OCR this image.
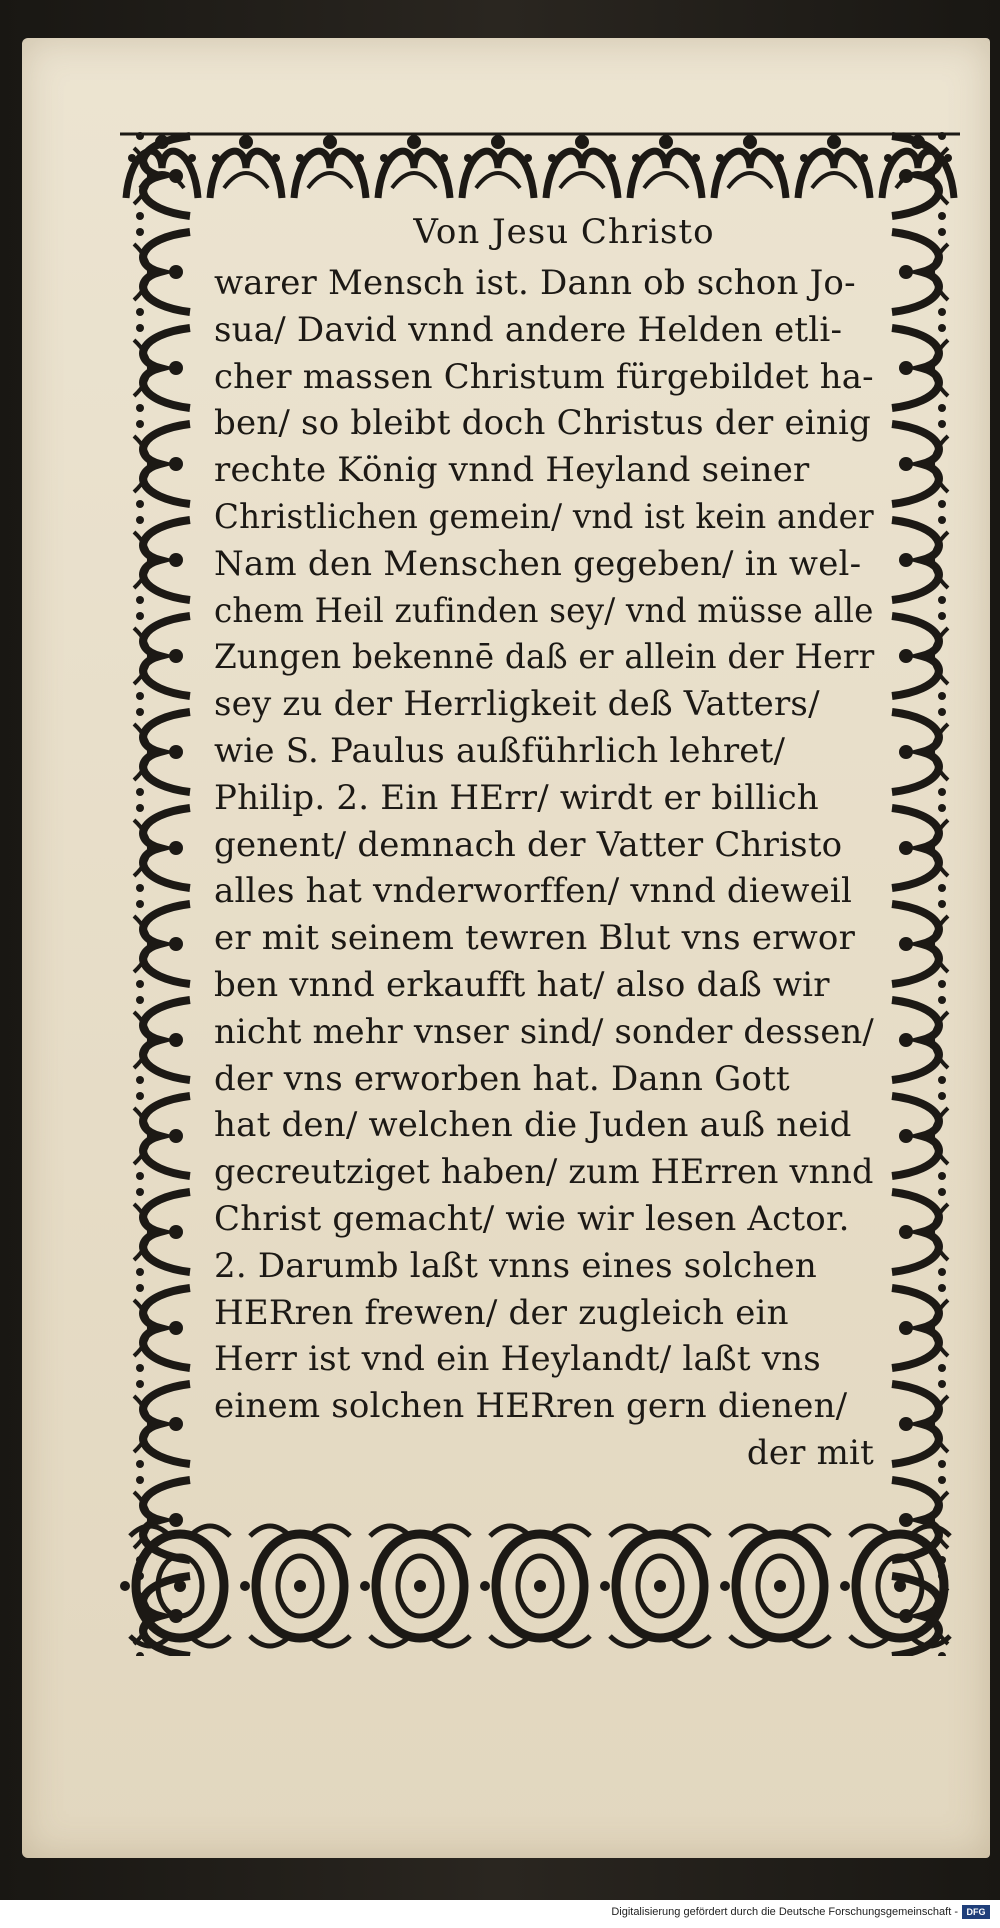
Von Jesu Christo
warer Mensch ist. Dann ob schon Jo-
sua/ David vnnd andere Helden etli-
cher massen Christum fürgebildet ha-
ben/ so bleibt doch Christus der einig
rechte König vnnd Heyland seiner
Christlichen gemein/ vnd ist kein ander
Nam den Menschen gegeben/ in wel-
chem Heil zufinden sey/ vnd müsse alle
Zungen bekennē daß er allein der Herr
sey zu der Herrligkeit deß Vatters/
wie S. Paulus außführlich lehret/
Philip. 2. Ein HErr/ wirdt er billich
genent/ demnach der Vatter Christo
alles hat vnderworffen/ vnnd dieweil
er mit seinem tewren Blut vns erwor
ben vnnd erkaufft hat/ also daß wir
nicht mehr vnser sind/ sonder dessen/
der vns erworben hat. Dann Gott
hat den/ welchen die Juden auß neid
gecreutziget haben/ zum HErren vnnd
Christ gemacht/ wie wir lesen Actor.
2. Darumb laßt vnns eines solchen
HERren frewen/ der zugleich ein
Herr ist vnd ein Heylandt/ laßt vns
einem solchen HERren gern dienen/
der mit
Digitalisierung gefördert durch die Deutsche Forschungsgemeinschaft - DFG
